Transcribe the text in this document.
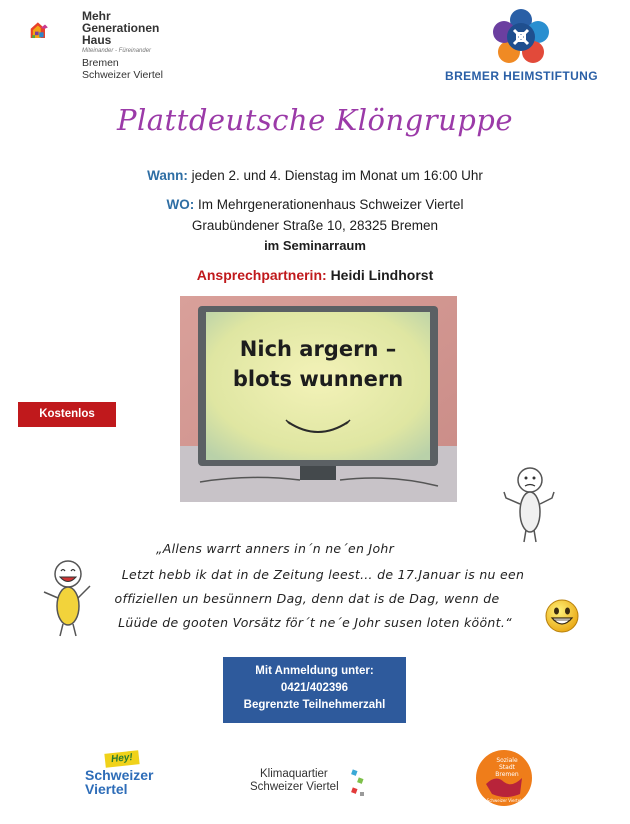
Mehr
Generationen
Haus
Miteinander - Füreinander
Bremen
Schweizer Viertel	BREMER HEIMSTIFTUNG
Plattdeutsche Klöngruppe
Wann: jeden 2. und 4. Dienstag im Monat um 16:00 Uhr
WO: Im Mehrgenerationenhaus Schweizer Viertel
Graubündener Straße 10, 28325 Bremen
im Seminarraum
Ansprechpartnerin: Heidi Lindhorst
Nich argern –
blots wunnern
Kostenlos
„Allens warrt anners in´n ne´en Johr
Letzt hebb ik dat in de Zeitung leest… de 17.Januar is nu een
offiziellen un besünnern Dag, denn dat is de Dag, wenn de
Lüüde de gooten Vorsätz för´t ne´e Johr susen loten köönt.“
Mit Anmeldung unter:
0421/402396
Begrenzte Teilnehmerzahl
Hey!
Schweizer
Viertel
Klimaquartier
Schweizer Viertel
Soziale
Stadt
Bremen
Schweizer Viertel
